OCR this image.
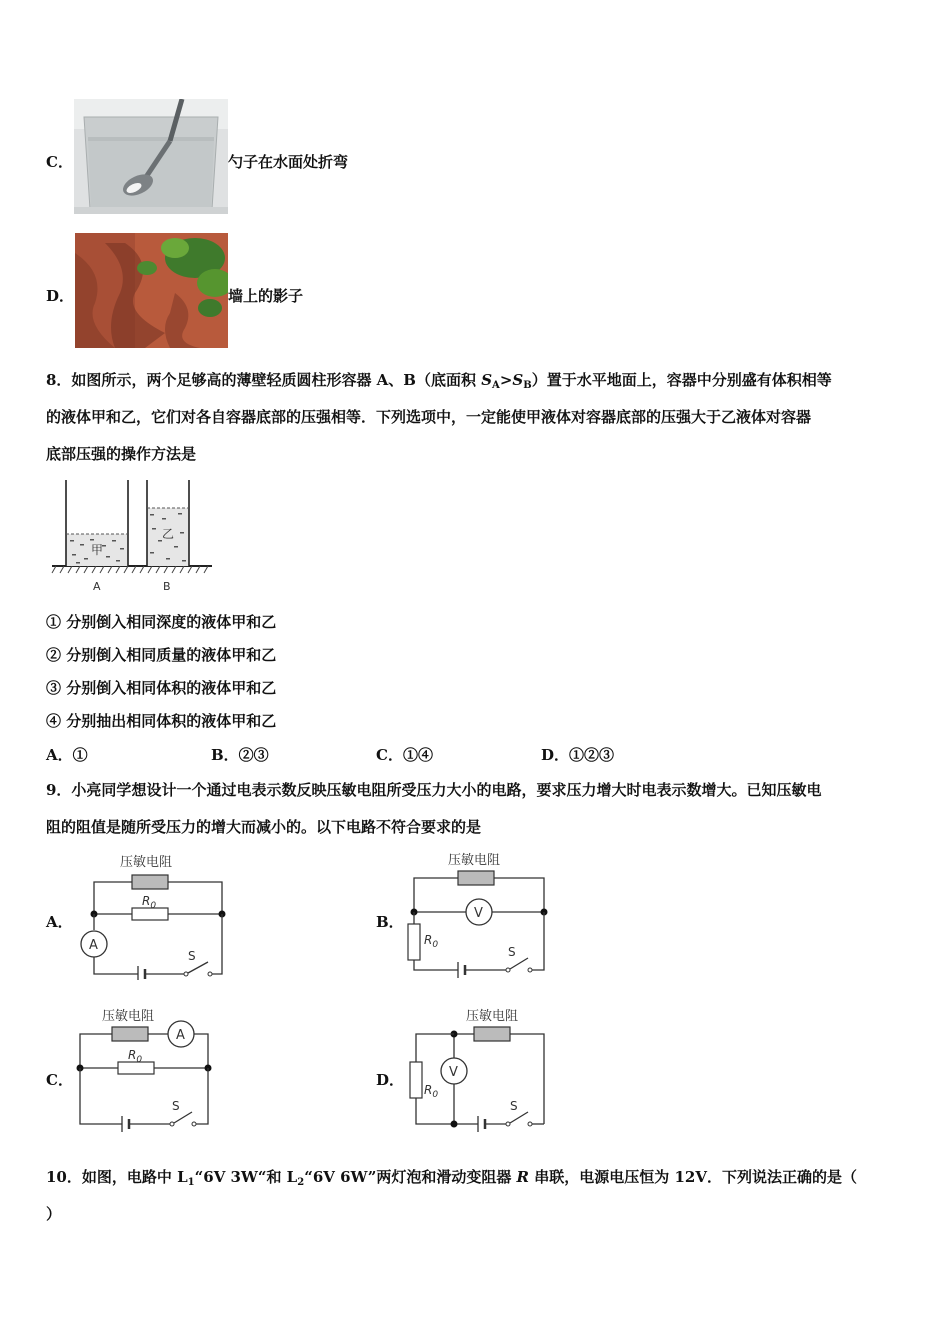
C．	勺子在水面处折弯
D．	墙上的影子
8．如图所示，两个足够高的薄壁轻质圆柱形容器 A、B（底面积 $S_A>S_B$）置于水平地面上，容器中分别盛有体积相等
的液体甲和乙，它们对各自容器底部的压强相等．下列选项中，一定能使甲液体对容器底部的压强大于乙液体对容器
底部压强的操作方法是
甲
乙
A	B
① 分别倒入相同深度的液体甲和乙
② 分别倒入相同质量的液体甲和乙
③ 分别倒入相同体积的液体甲和乙
④ 分别抽出相同体积的液体甲和乙
A．①	B．②③	C．①④	D．①②③
9．小亮同学想设计一个通过电表示数反映压敏电阻所受压力大小的电路，要求压力增大时电表示数增大。已知压敏电
阻的阻值是随所受压力的增大而减小的。以下电路不符合要求的是
A．
压敏电阻
$R_0$
A
S
B．
压敏电阻
V
$R_0$	S
C．
压敏电阻
A
$R_0$
S
D．
压敏电阻
V
$R_0$
S
10．如图，电路中 $L_1“6V$ 3W“和 $L_2“6V$ 6W”两灯泡和滑动变阻器 R 串联，电源电压恒为 12V．下列说法正确的是（
）
